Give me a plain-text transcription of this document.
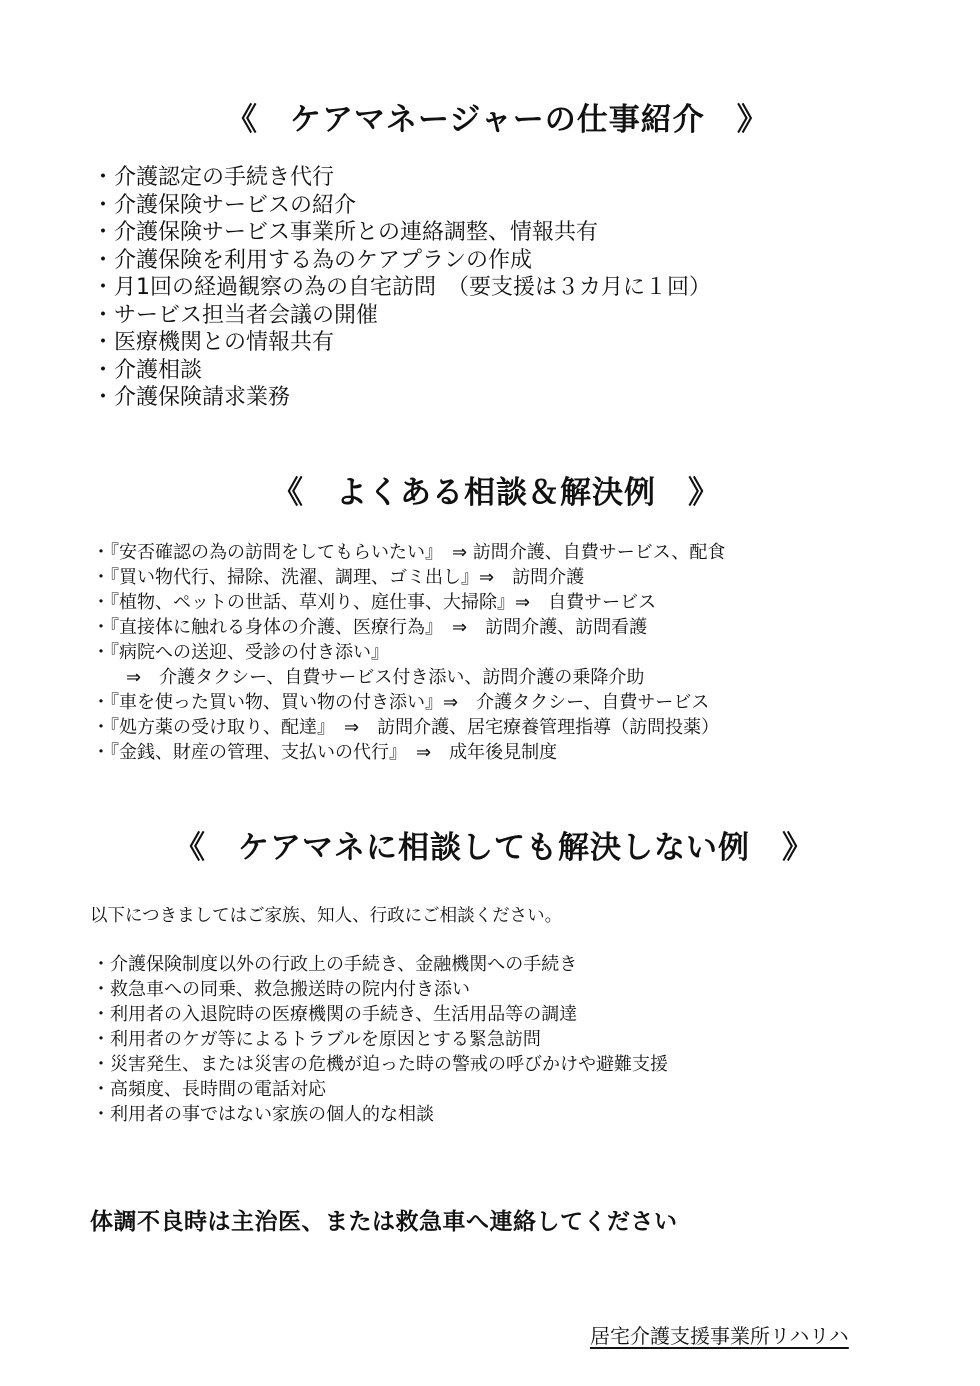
《　ケアマネージャーの仕事紹介　》
・介護認定の手続き代行
・介護保険サービスの紹介
・介護保険サービス事業所との連絡調整、情報共有
・介護保険を利用する為のケアプランの作成
・月1回の経過観察の為の自宅訪問　（要支援は３カ月に１回）
・サービス担当者会議の開催
・医療機関との情報共有
・介護相談
・介護保険請求業務
《　よくある相談＆解決例　》
・『安否確認の為の訪問をしてもらいたい』　⇒ 訪問介護、自費サービス、配食
・『買い物代行、掃除、洗濯、調理、ゴミ出し』⇒　訪問介護
・『植物、ペットの世話、草刈り、庭仕事、大掃除』⇒　自費サービス
・『直接体に触れる身体の介護、医療行為』　⇒　訪問介護、訪問看護
・『病院への送迎、受診の付き添い』
⇒　介護タクシー、自費サービス付き添い、訪問介護の乗降介助
・『車を使った買い物、買い物の付き添い』⇒　介護タクシー、自費サービス
・『処方薬の受け取り、配達』　⇒　訪問介護、居宅療養管理指導（訪問投薬）
・『金銭、財産の管理、支払いの代行』　⇒　成年後見制度
《　ケアマネに相談しても解決しない例　》
以下につきましてはご家族、知人、行政にご相談ください。
・介護保険制度以外の行政上の手続き、金融機関への手続き
・救急車への同乗、救急搬送時の院内付き添い
・利用者の入退院時の医療機関の手続き、生活用品等の調達
・利用者のケガ等によるトラブルを原因とする緊急訪問
・災害発生、または災害の危機が迫った時の警戒の呼びかけや避難支援
・高頻度、長時間の電話対応
・利用者の事ではない家族の個人的な相談
体調不良時は主治医、または救急車へ連絡してください
居宅介護支援事業所リハリハ
